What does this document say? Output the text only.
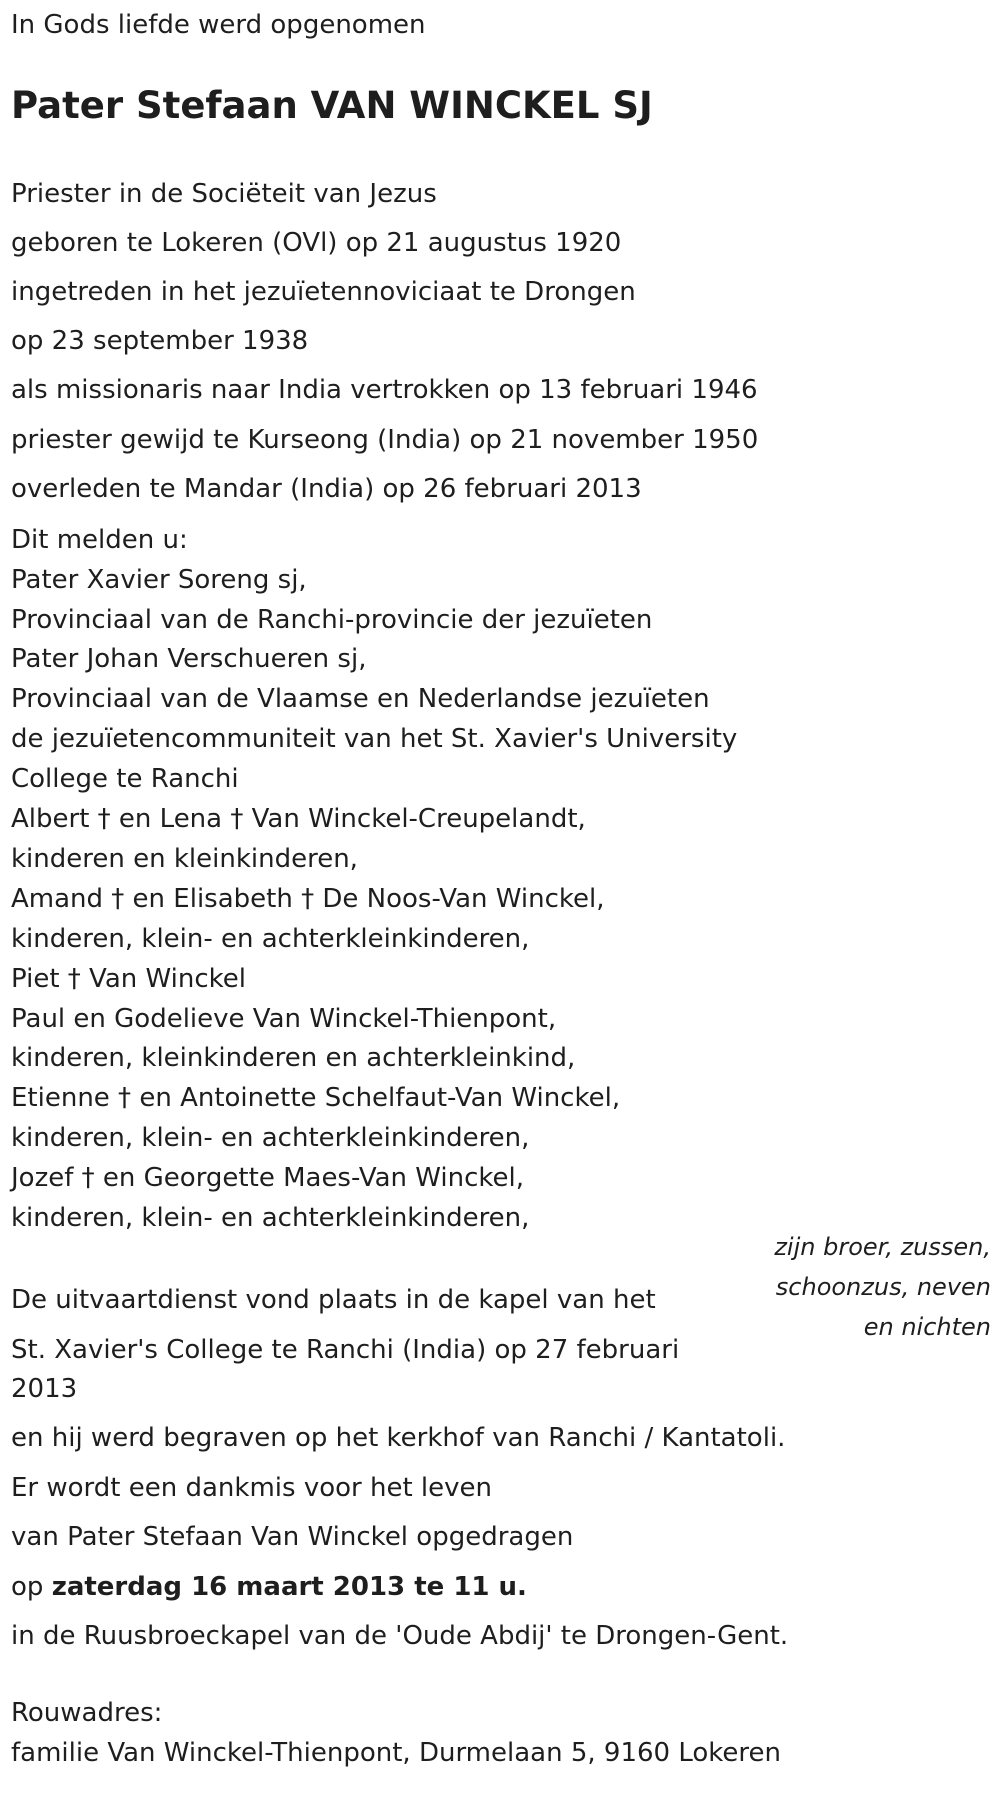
In Gods liefde werd opgenomen
Pater Stefaan VAN WINCKEL SJ
Priester in de Sociëteit van Jezus
geboren te Lokeren (OVl) op 21 augustus 1920
ingetreden in het jezuïetennoviciaat te Drongen
op 23 september 1938
als missionaris naar India vertrokken op 13 februari 1946
priester gewijd te Kurseong (India) op 21 november 1950
overleden te Mandar (India) op 26 februari 2013
Dit melden u:
Pater Xavier Soreng sj,
Provinciaal van de Ranchi-provincie der jezuïeten
Pater Johan Verschueren sj,
Provinciaal van de Vlaamse en Nederlandse jezuïeten
de jezuïetencommuniteit van het St. Xavier's University
College te Ranchi
Albert † en Lena † Van Winckel-Creupelandt,
kinderen en kleinkinderen,
Amand † en Elisabeth † De Noos-Van Winckel,
kinderen, klein- en achterkleinkinderen,
Piet † Van Winckel
Paul en Godelieve Van Winckel-Thienpont,
kinderen, kleinkinderen en achterkleinkind,
Etienne † en Antoinette Schelfaut-Van Winckel,
kinderen, klein- en achterkleinkinderen,
Jozef † en Georgette Maes-Van Winckel,
kinderen, klein- en achterkleinkinderen,
zijn broer, zussen,
schoonzus, neven
en nichten
De uitvaartdienst vond plaats in de kapel van het
St. Xavier's College te Ranchi (India) op 27 februari
2013
en hij werd begraven op het kerkhof van Ranchi / Kantatoli.
Er wordt een dankmis voor het leven
van Pater Stefaan Van Winckel opgedragen
op zaterdag 16 maart 2013 te 11 u.
in de Ruusbroeckapel van de 'Oude Abdij' te Drongen-Gent.
Rouwadres:
familie Van Winckel-Thienpont, Durmelaan 5, 9160 Lokeren
